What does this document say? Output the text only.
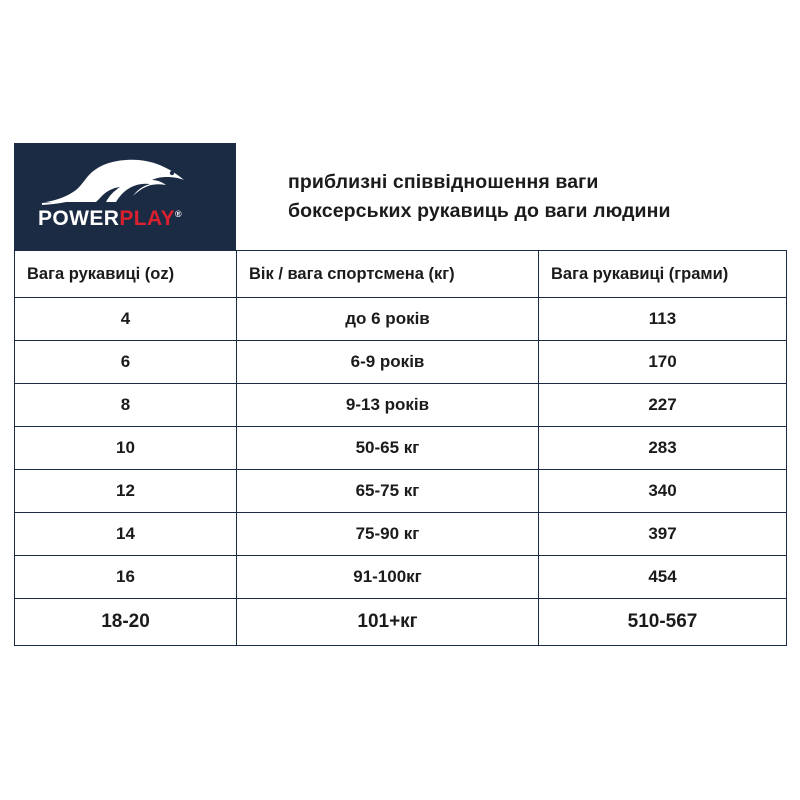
POWERPLAY®
приблизні співвідношення ваги
боксерських рукавиць до ваги людини
Вага рукавиці (oz)	Вік / вага спортсмена (кг)	Вага рукавиці (грами)
4	до 6 років	113
6	6-9 років	170
8	9-13 років	227
10	50-65 кг	283
12	65-75 кг	340
14	75-90 кг	397
16	91-100кг	454
18-20	101+кг	510-567
